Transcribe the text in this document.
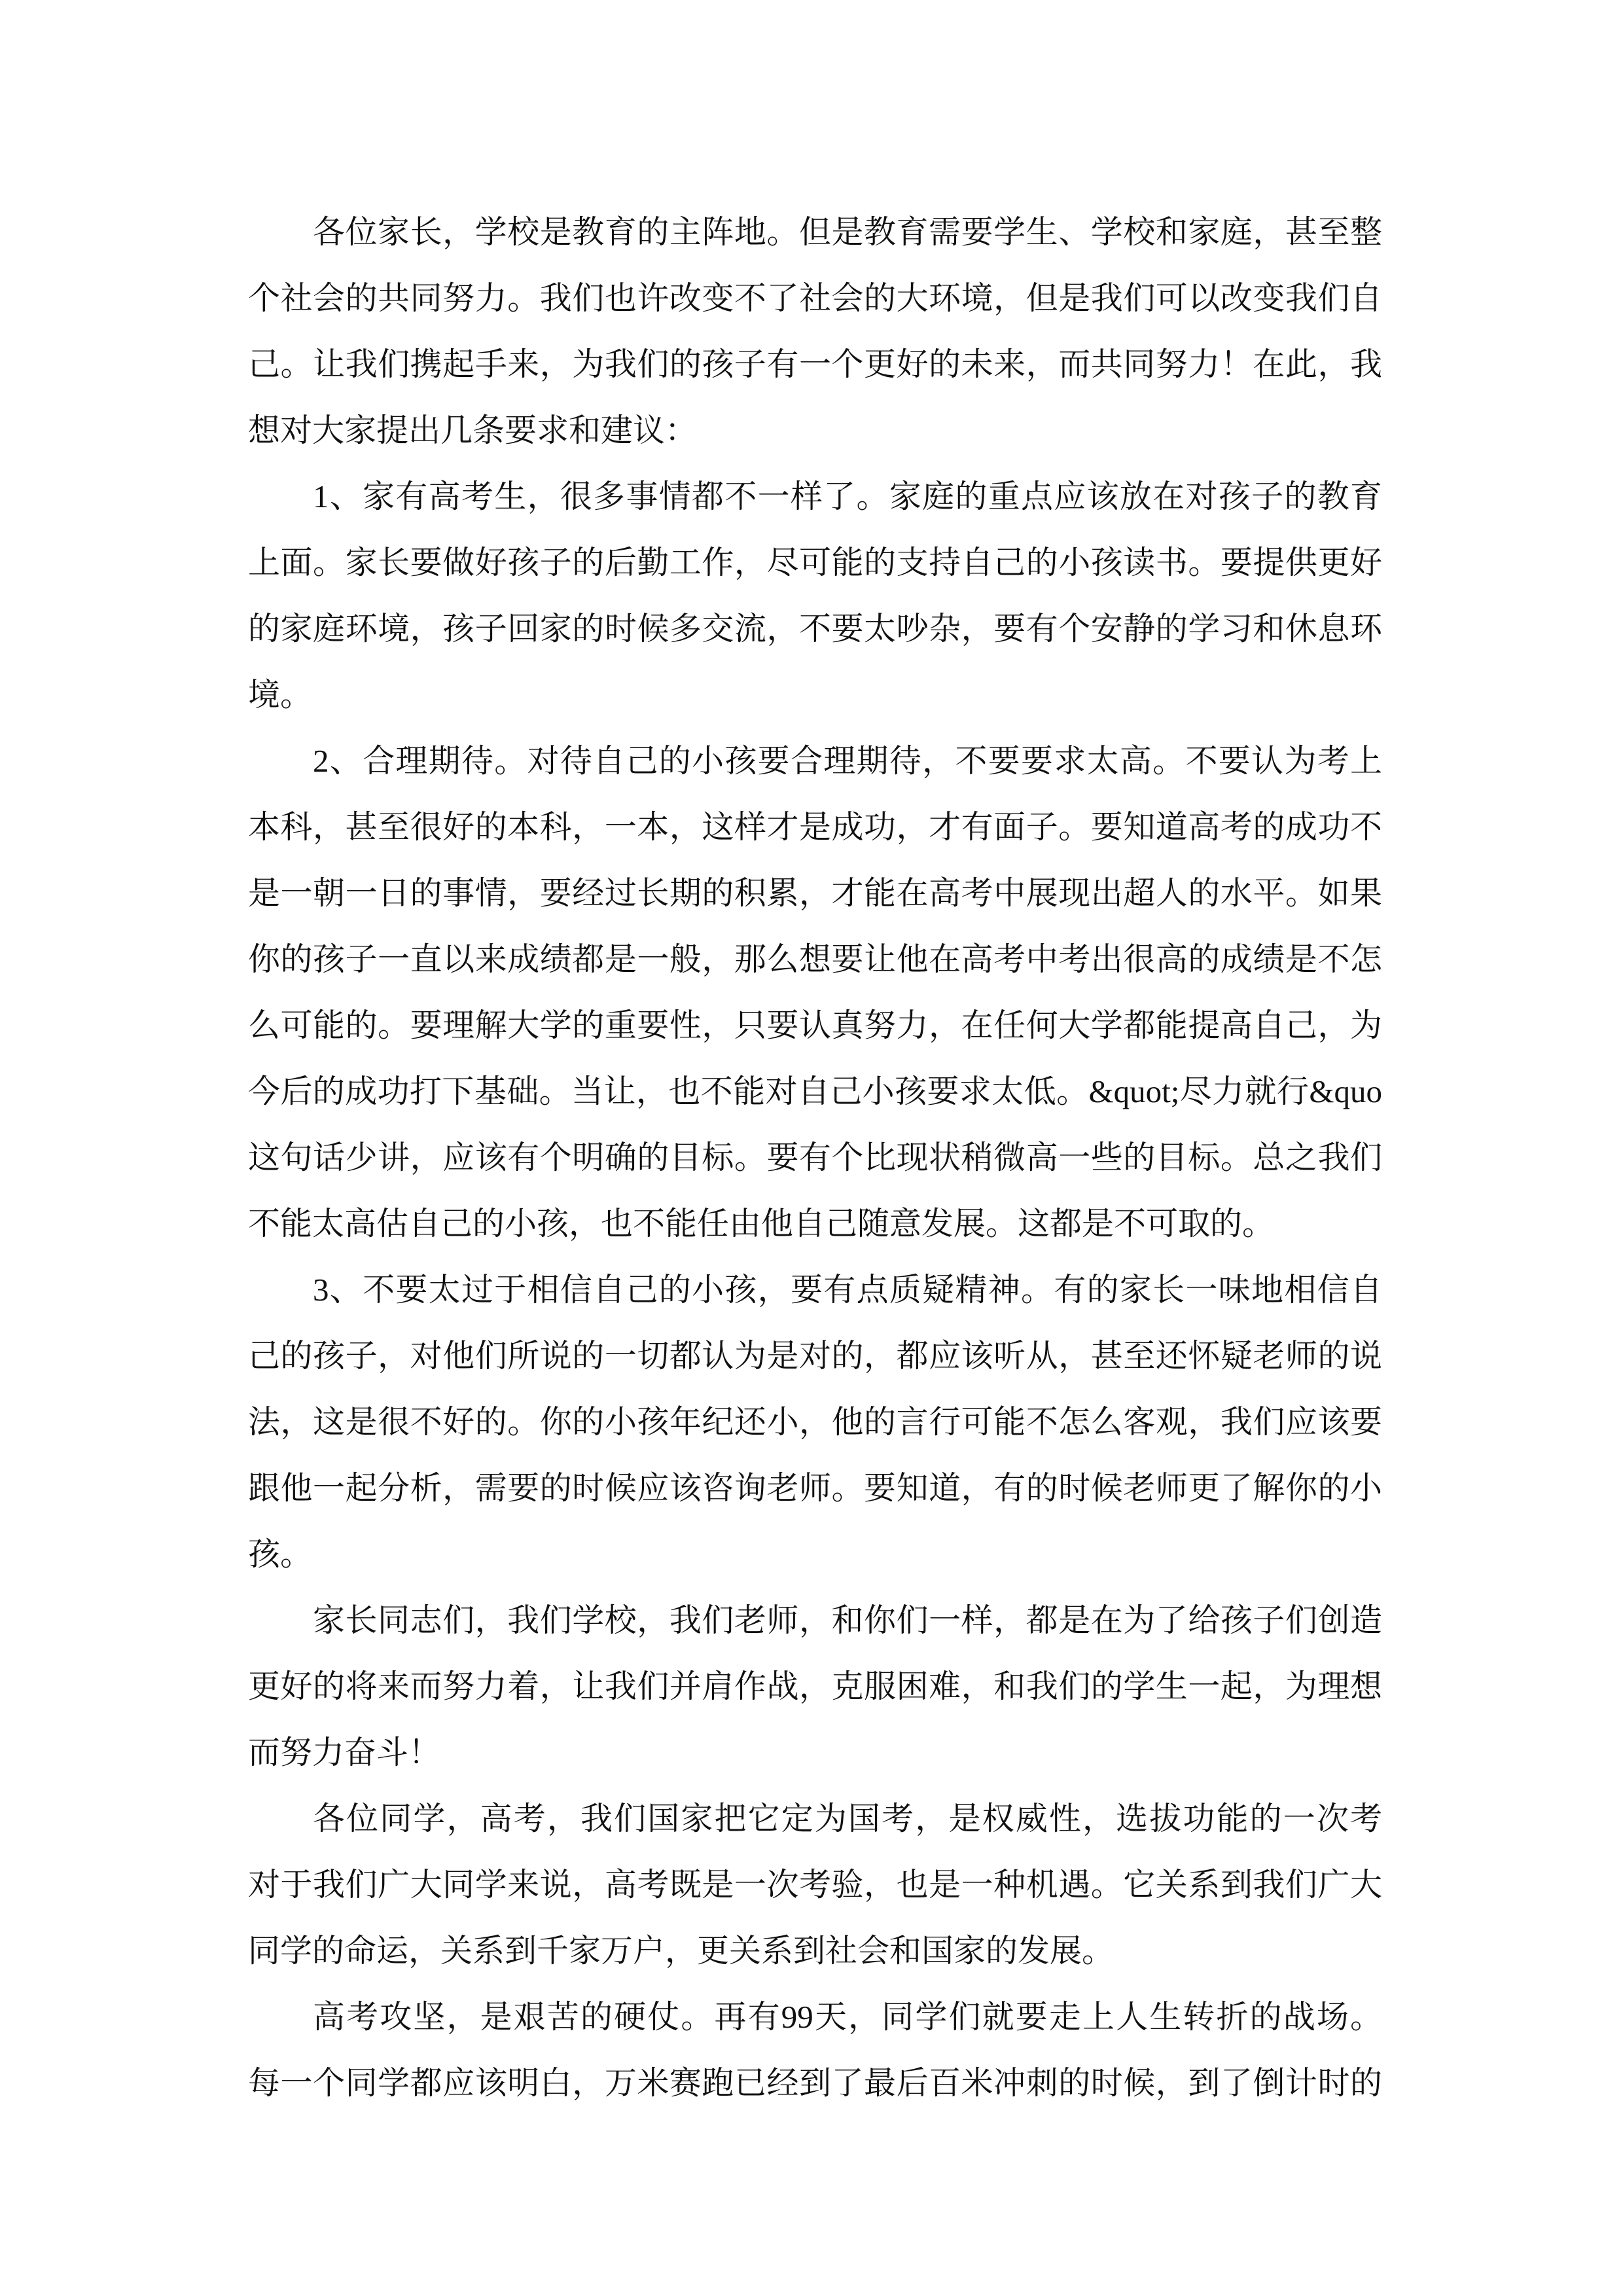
各位家长，学校是教育的主阵地。但是教育需要学生、学校和家庭，甚至整
个社会的共同努力。我们也许改变不了社会的大环境，但是我们可以改变我们自
己。让我们携起手来，为我们的孩子有一个更好的未来，而共同努力！在此，我
想对大家提出几条要求和建议：
1、家有高考生，很多事情都不一样了。家庭的重点应该放在对孩子的教育
上面。家长要做好孩子的后勤工作，尽可能的支持自己的小孩读书。要提供更好
的家庭环境，孩子回家的时候多交流，不要太吵杂，要有个安静的学习和休息环
境。
2、合理期待。对待自己的小孩要合理期待，不要要求太高。不要认为考上
本科，甚至很好的本科，一本，这样才是成功，才有面子。要知道高考的成功不
是一朝一日的事情，要经过长期的积累，才能在高考中展现出超人的水平。如果
你的孩子一直以来成绩都是一般，那么想要让他在高考中考出很高的成绩是不怎
么可能的。要理解大学的重要性，只要认真努力，在任何大学都能提高自己，为
今后的成功打下基础。当让，也不能对自己小孩要求太低。&quot;尽力就行&quo
这句话少讲，应该有个明确的目标。要有个比现状稍微高一些的目标。总之我们
不能太高估自己的小孩，也不能任由他自己随意发展。这都是不可取的。
3、不要太过于相信自己的小孩，要有点质疑精神。有的家长一味地相信自
己的孩子，对他们所说的一切都认为是对的，都应该听从，甚至还怀疑老师的说
法，这是很不好的。你的小孩年纪还小，他的言行可能不怎么客观，我们应该要
跟他一起分析，需要的时候应该咨询老师。要知道，有的时候老师更了解你的小
孩。
家长同志们，我们学校，我们老师，和你们一样，都是在为了给孩子们创造
更好的将来而努力着，让我们并肩作战，克服困难，和我们的学生一起，为理想
而努力奋斗！
各位同学，高考，我们国家把它定为国考，是权威性，选拔功能的一次考
对于我们广大同学来说，高考既是一次考验，也是一种机遇。它关系到我们广大
同学的命运，关系到千家万户，更关系到社会和国家的发展。
高考攻坚，是艰苦的硬仗。再有99天，同学们就要走上人生转折的战场。
每一个同学都应该明白，万米赛跑已经到了最后百米冲刺的时候，到了倒计时的
